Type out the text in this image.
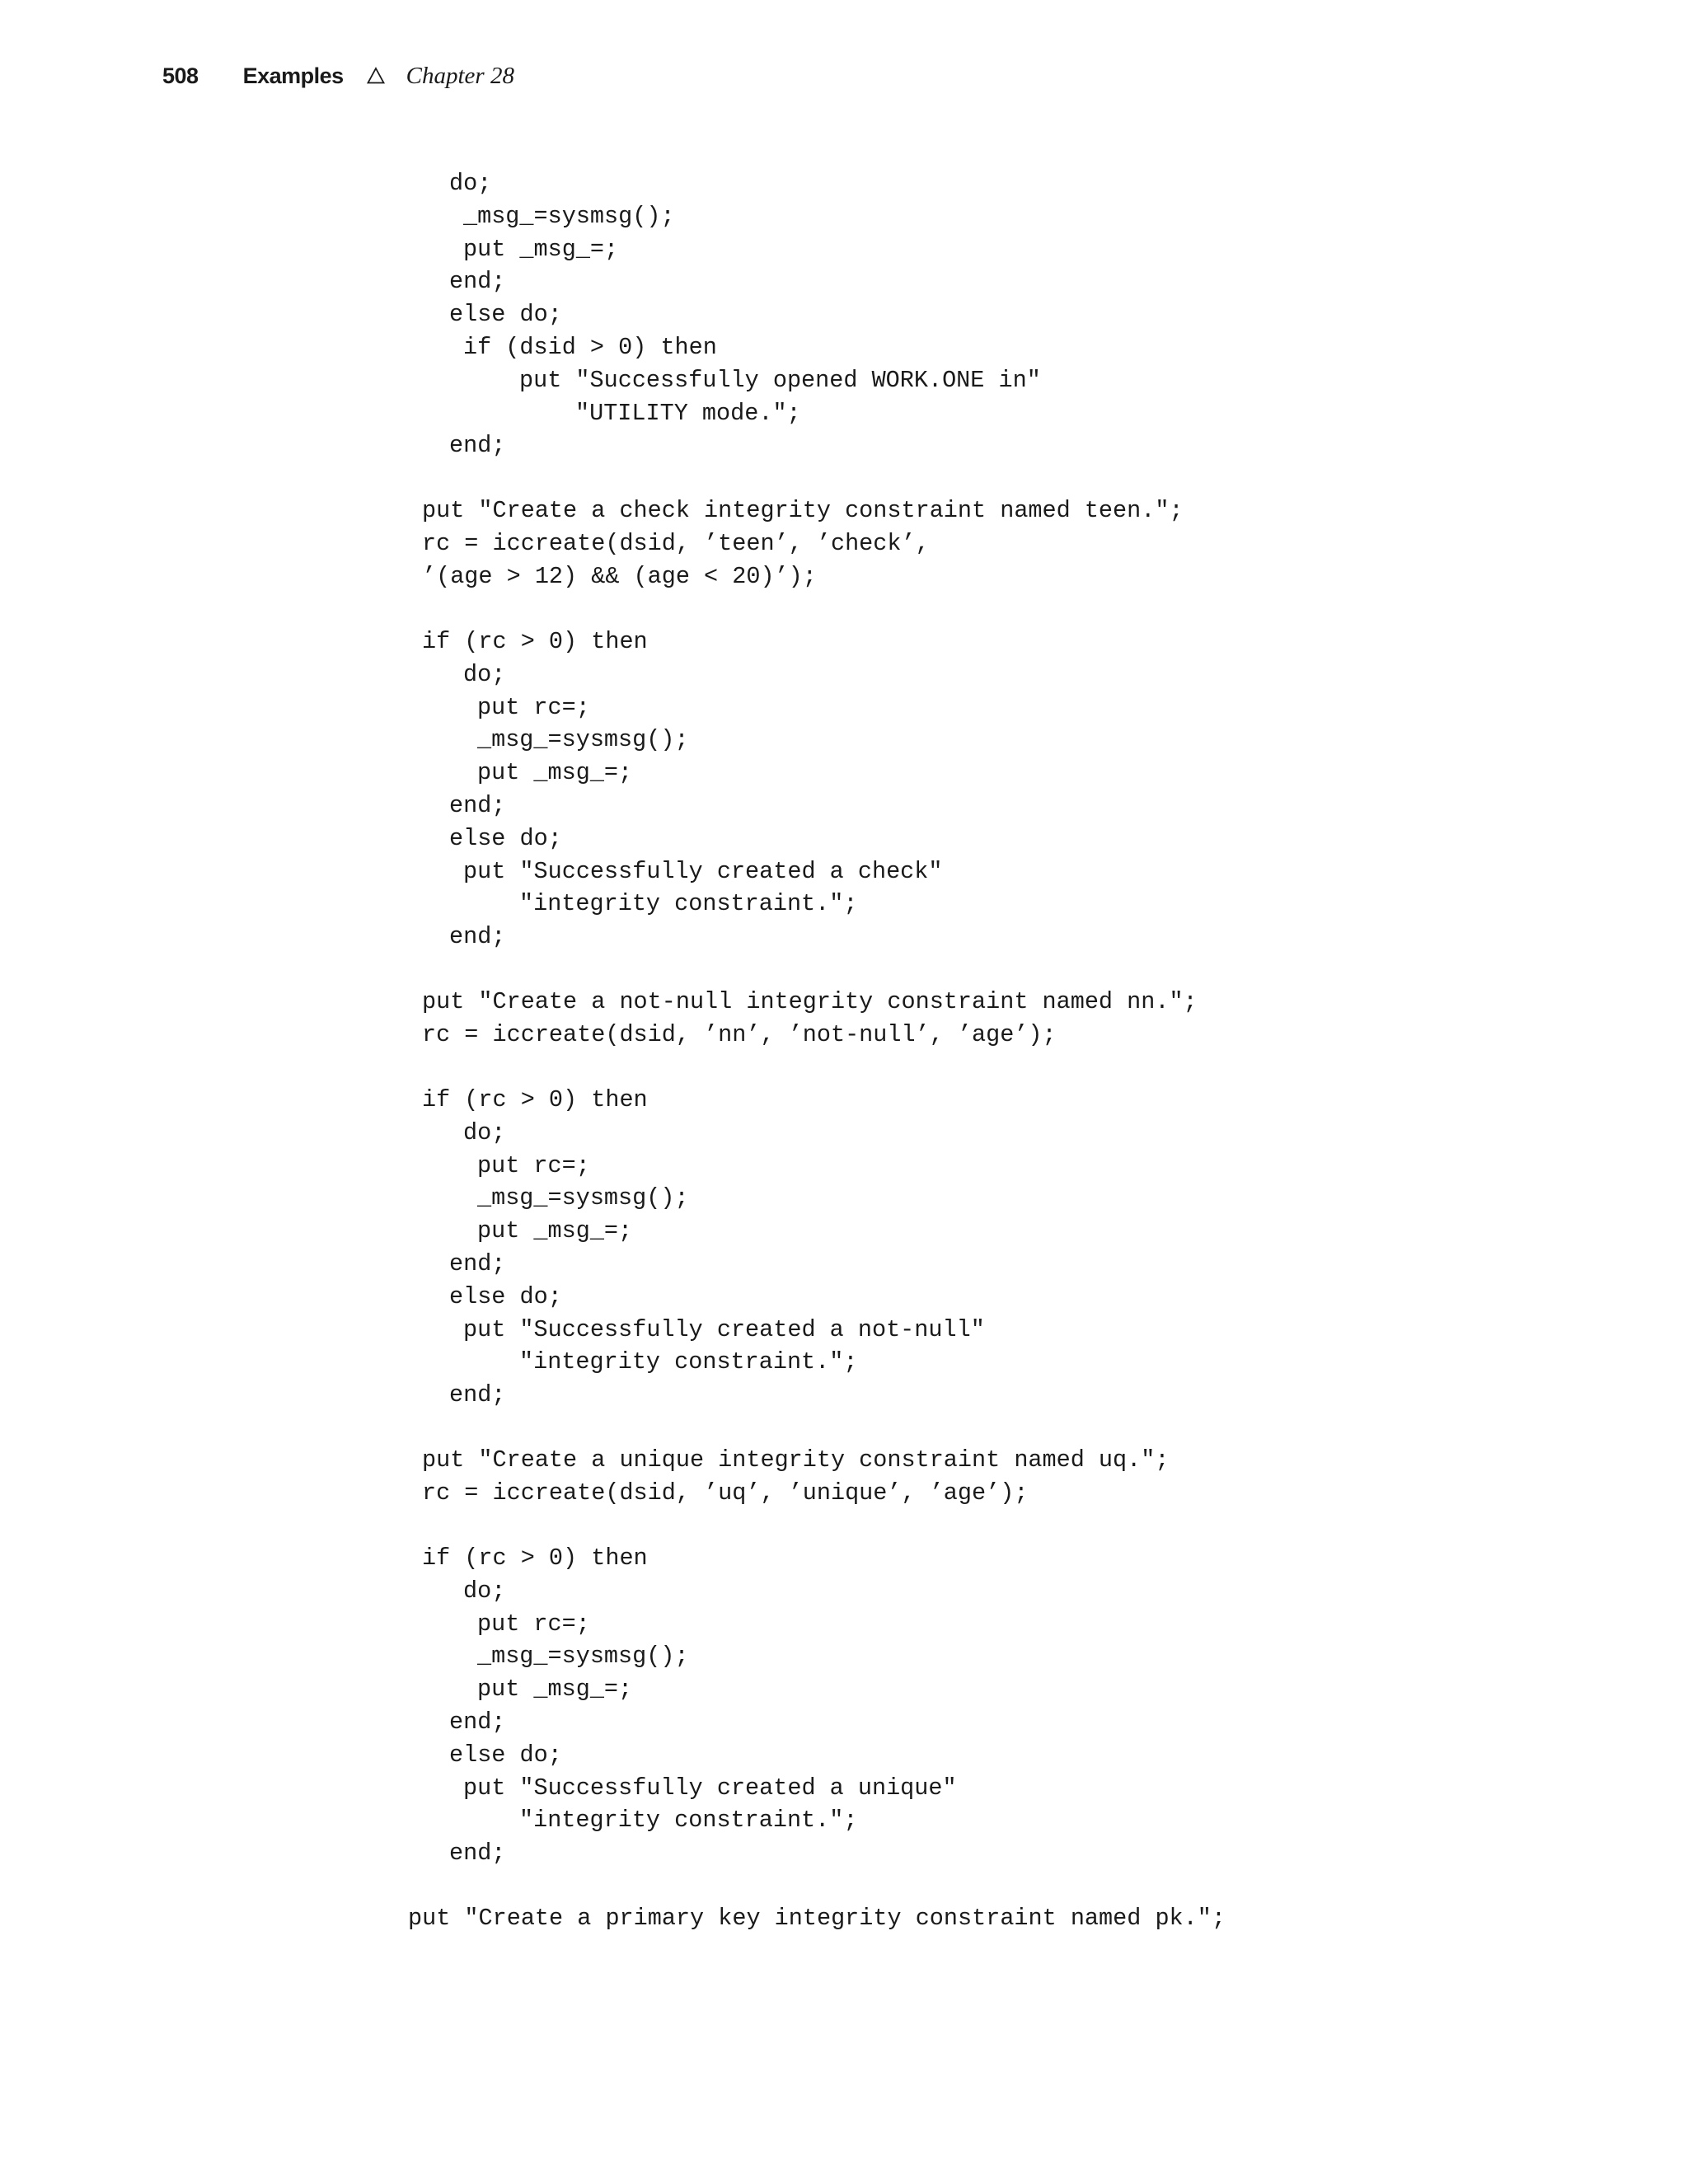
508 Examples	Chapter 28
do;
_msg_=sysmsg();
put _msg_=;
end;
else do;
if (dsid > 0) then
put "Successfully opened WORK.ONE in"
"UTILITY mode.";
end;
put "Create a check integrity constraint named teen.";
rc = iccreate(dsid, ’teen’, ’check’,
’(age > 12) && (age < 20)’);
if (rc > 0) then
do;
put rc=;
_msg_=sysmsg();
put _msg_=;
end;
else do;
put "Successfully created a check"
"integrity constraint.";
end;
put "Create a not-null integrity constraint named nn.";
rc = iccreate(dsid, ’nn’, ’not-null’, ’age’);
if (rc > 0) then
do;
put rc=;
_msg_=sysmsg();
put _msg_=;
end;
else do;
put "Successfully created a not-null"
"integrity constraint.";
end;
put "Create a unique integrity constraint named uq.";
rc = iccreate(dsid, ’uq’, ’unique’, ’age’);
if (rc > 0) then
do;
put rc=;
_msg_=sysmsg();
put _msg_=;
end;
else do;
put "Successfully created a unique"
"integrity constraint.";
end;
put "Create a primary key integrity constraint named pk.";
